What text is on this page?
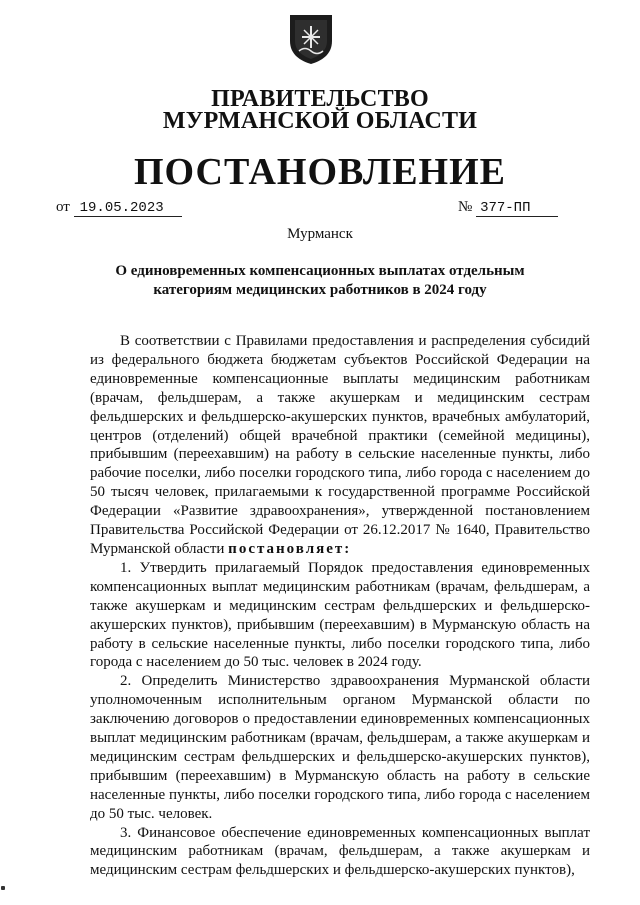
ПРАВИТЕЛЬСТВО
МУРМАНСКОЙ ОБЛАСТИ
ПОСТАНОВЛЕНИЕ
от 19.05.2023	№ 377-ПП
Мурманск
О единовременных компенсационных выплатах отдельным
категориям медицинских работников в 2024 году

В соответствии с Правилами предоставления и распределения субсидий из федерального бюджета бюджетам субъектов Российской Федерации на единовременные компенсационные выплаты медицинским работникам (врачам, фельдшерам, а также акушеркам и медицинским сестрам фельдшерских и фельдшерско-акушерских пунктов, врачебных амбулаторий, центров (отделений) общей врачебной практики (семейной медицины), прибывшим (переехавшим) на работу в сельские населенные пункты, либо рабочие поселки, либо поселки городского типа, либо города с населением до 50 тысяч человек, прилагаемыми к государственной программе Российской Федерации «Развитие здравоохранения», утвержденной постановлением Правительства Российской Федерации от 26.12.2017 № 1640, Правительство Мурманской области постановляет:

1. Утвердить прилагаемый Порядок предоставления единовременных компенсационных выплат медицинским работникам (врачам, фельдшерам, а также акушеркам и медицинским сестрам фельдшерских и фельдшерско-акушерских пунктов), прибывшим (переехавшим) в Мурманскую область на работу в сельские населенные пункты, либо поселки городского типа, либо города с населением до 50 тыс. человек в 2024 году.

2. Определить Министерство здравоохранения Мурманской области уполномоченным исполнительным органом Мурманской области по заключению договоров о предоставлении единовременных компенсационных выплат медицинским работникам (врачам, фельдшерам, а также акушеркам и медицинским сестрам фельдшерских и фельдшерско-акушерских пунктов), прибывшим (переехавшим) в Мурманскую область на работу в сельские населенные пункты, либо поселки городского типа, либо города с населением до 50 тыс. человек.

3. Финансовое обеспечение единовременных компенсационных выплат медицинским работникам (врачам, фельдшерам, а также акушеркам и медицинским сестрам фельдшерских и фельдшерско-акушерских пунктов),
